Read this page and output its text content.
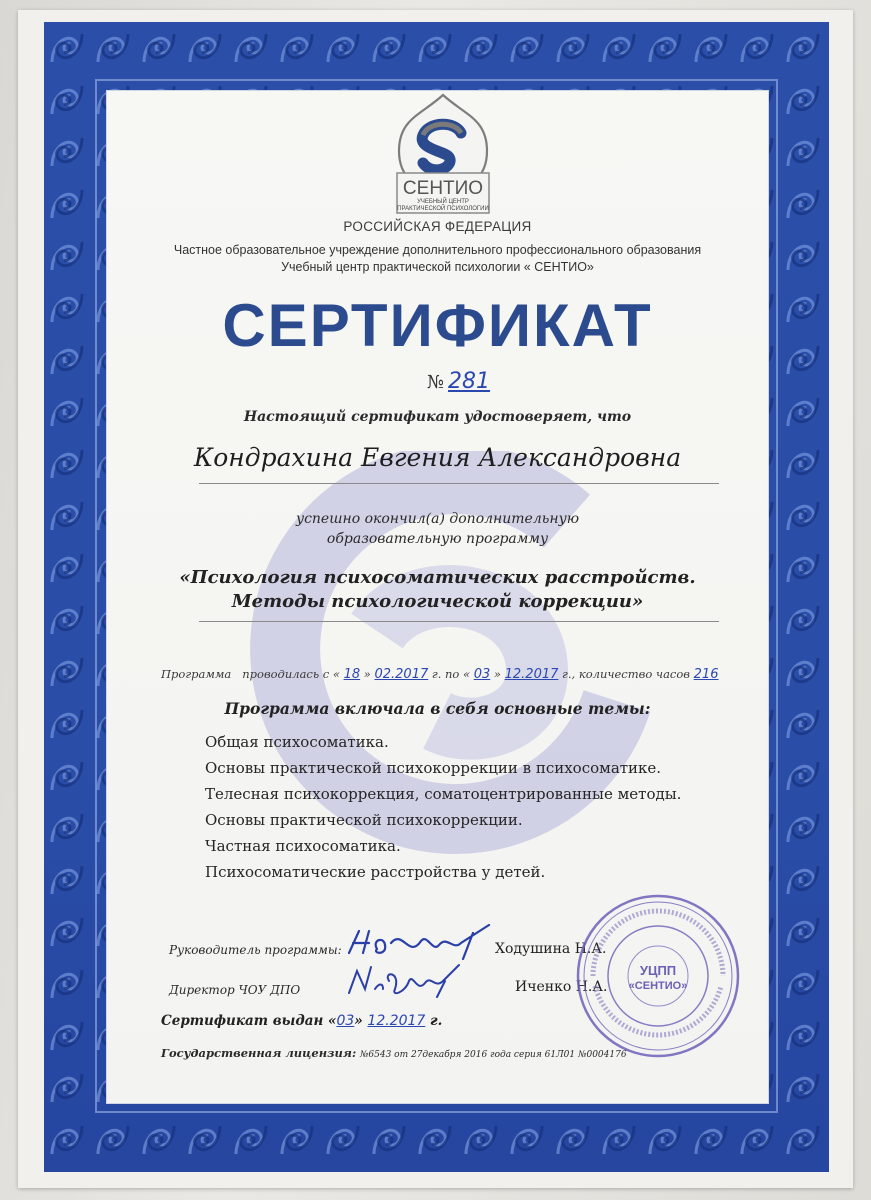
СЕНТИО
УЧЕБНЫЙ ЦЕНТР
ПРАКТИЧЕСКОЙ ПСИХОЛОГИИ
РОССИЙСКАЯ ФЕДЕРАЦИЯ
Частное образовательное учреждение дополнительного профессионального образования
Учебный центр практической психологии « СЕНТИО»
СЕРТИФИКАТ
№ 281
Настоящий сертификат удостоверяет, что
Кондрахина Евгения Александровна
успешно окончил(а) дополнительную
образовательную программу
«Психология психосоматических расстройств.
Методы психологической коррекции»
Программа проводилась с « 18 » 02.2017 г. по « 03 » 12.2017 г., количество часов 216
Программа включала в себя основные темы:
Общая психосоматика.
Основы практической психокоррекции в психосоматике.
Телесная психокоррекция, соматоцентрированные методы.
Основы практической психокоррекции.
Частная психосоматика.
Психосоматические расстройства у детей.
Руководитель программы:	Ходушина Н.А.
Директор ЧОУ ДПО	Иченко Н.А.
УЦПП
«СЕНТИО»
Сертификат выдан «03» 12.2017 г.
Государственная лицензия: №6543 от 27декабря 2016 года серия 61Л01 №0004176
